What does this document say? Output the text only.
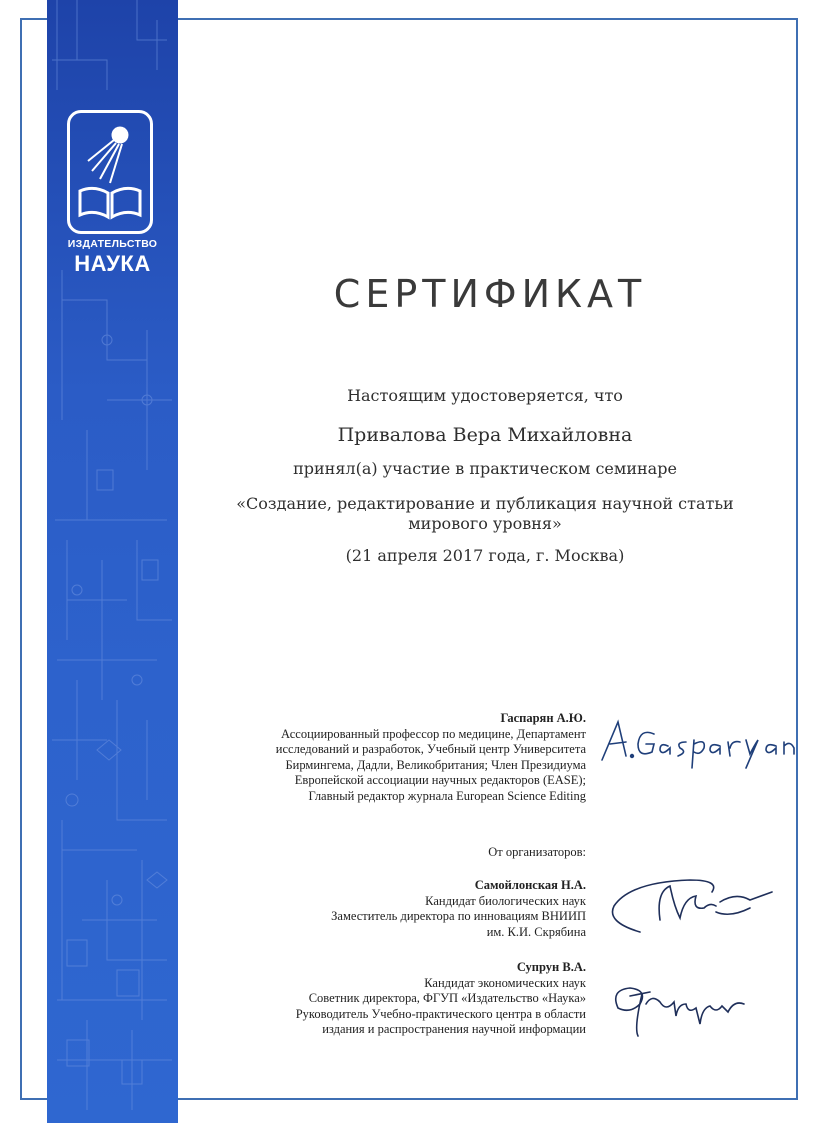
ИЗДАТЕЛЬСТВО
НАУКА
СЕРТИФИКАТ
Настоящим удостоверяется, что
Привалова Вера Михайловна
принял(а) участие в практическом семинаре
«Создание, редактирование и публикация научной статьи
мирового уровня»
(21 апреля 2017 года, г. Москва)
Гаспарян А.Ю.
Ассоциированный профессор по медицине, Департамент
исследований и разработок, Учебный центр Университета
Бирмингема, Дадли, Великобритания; Член Президиума
Европейской ассоциации научных редакторов (EASE);
Главный редактор журнала European Science Editing
От организаторов:
Самойлонская Н.А.
Кандидат биологических наук
Заместитель директора по инновациям ВНИИП
им. К.И. Скрябина
Супрун В.А.
Кандидат экономических наук
Советник директора, ФГУП «Издательство «Наука»
Руководитель Учебно-практического центра в области
издания и распространения научной информации
